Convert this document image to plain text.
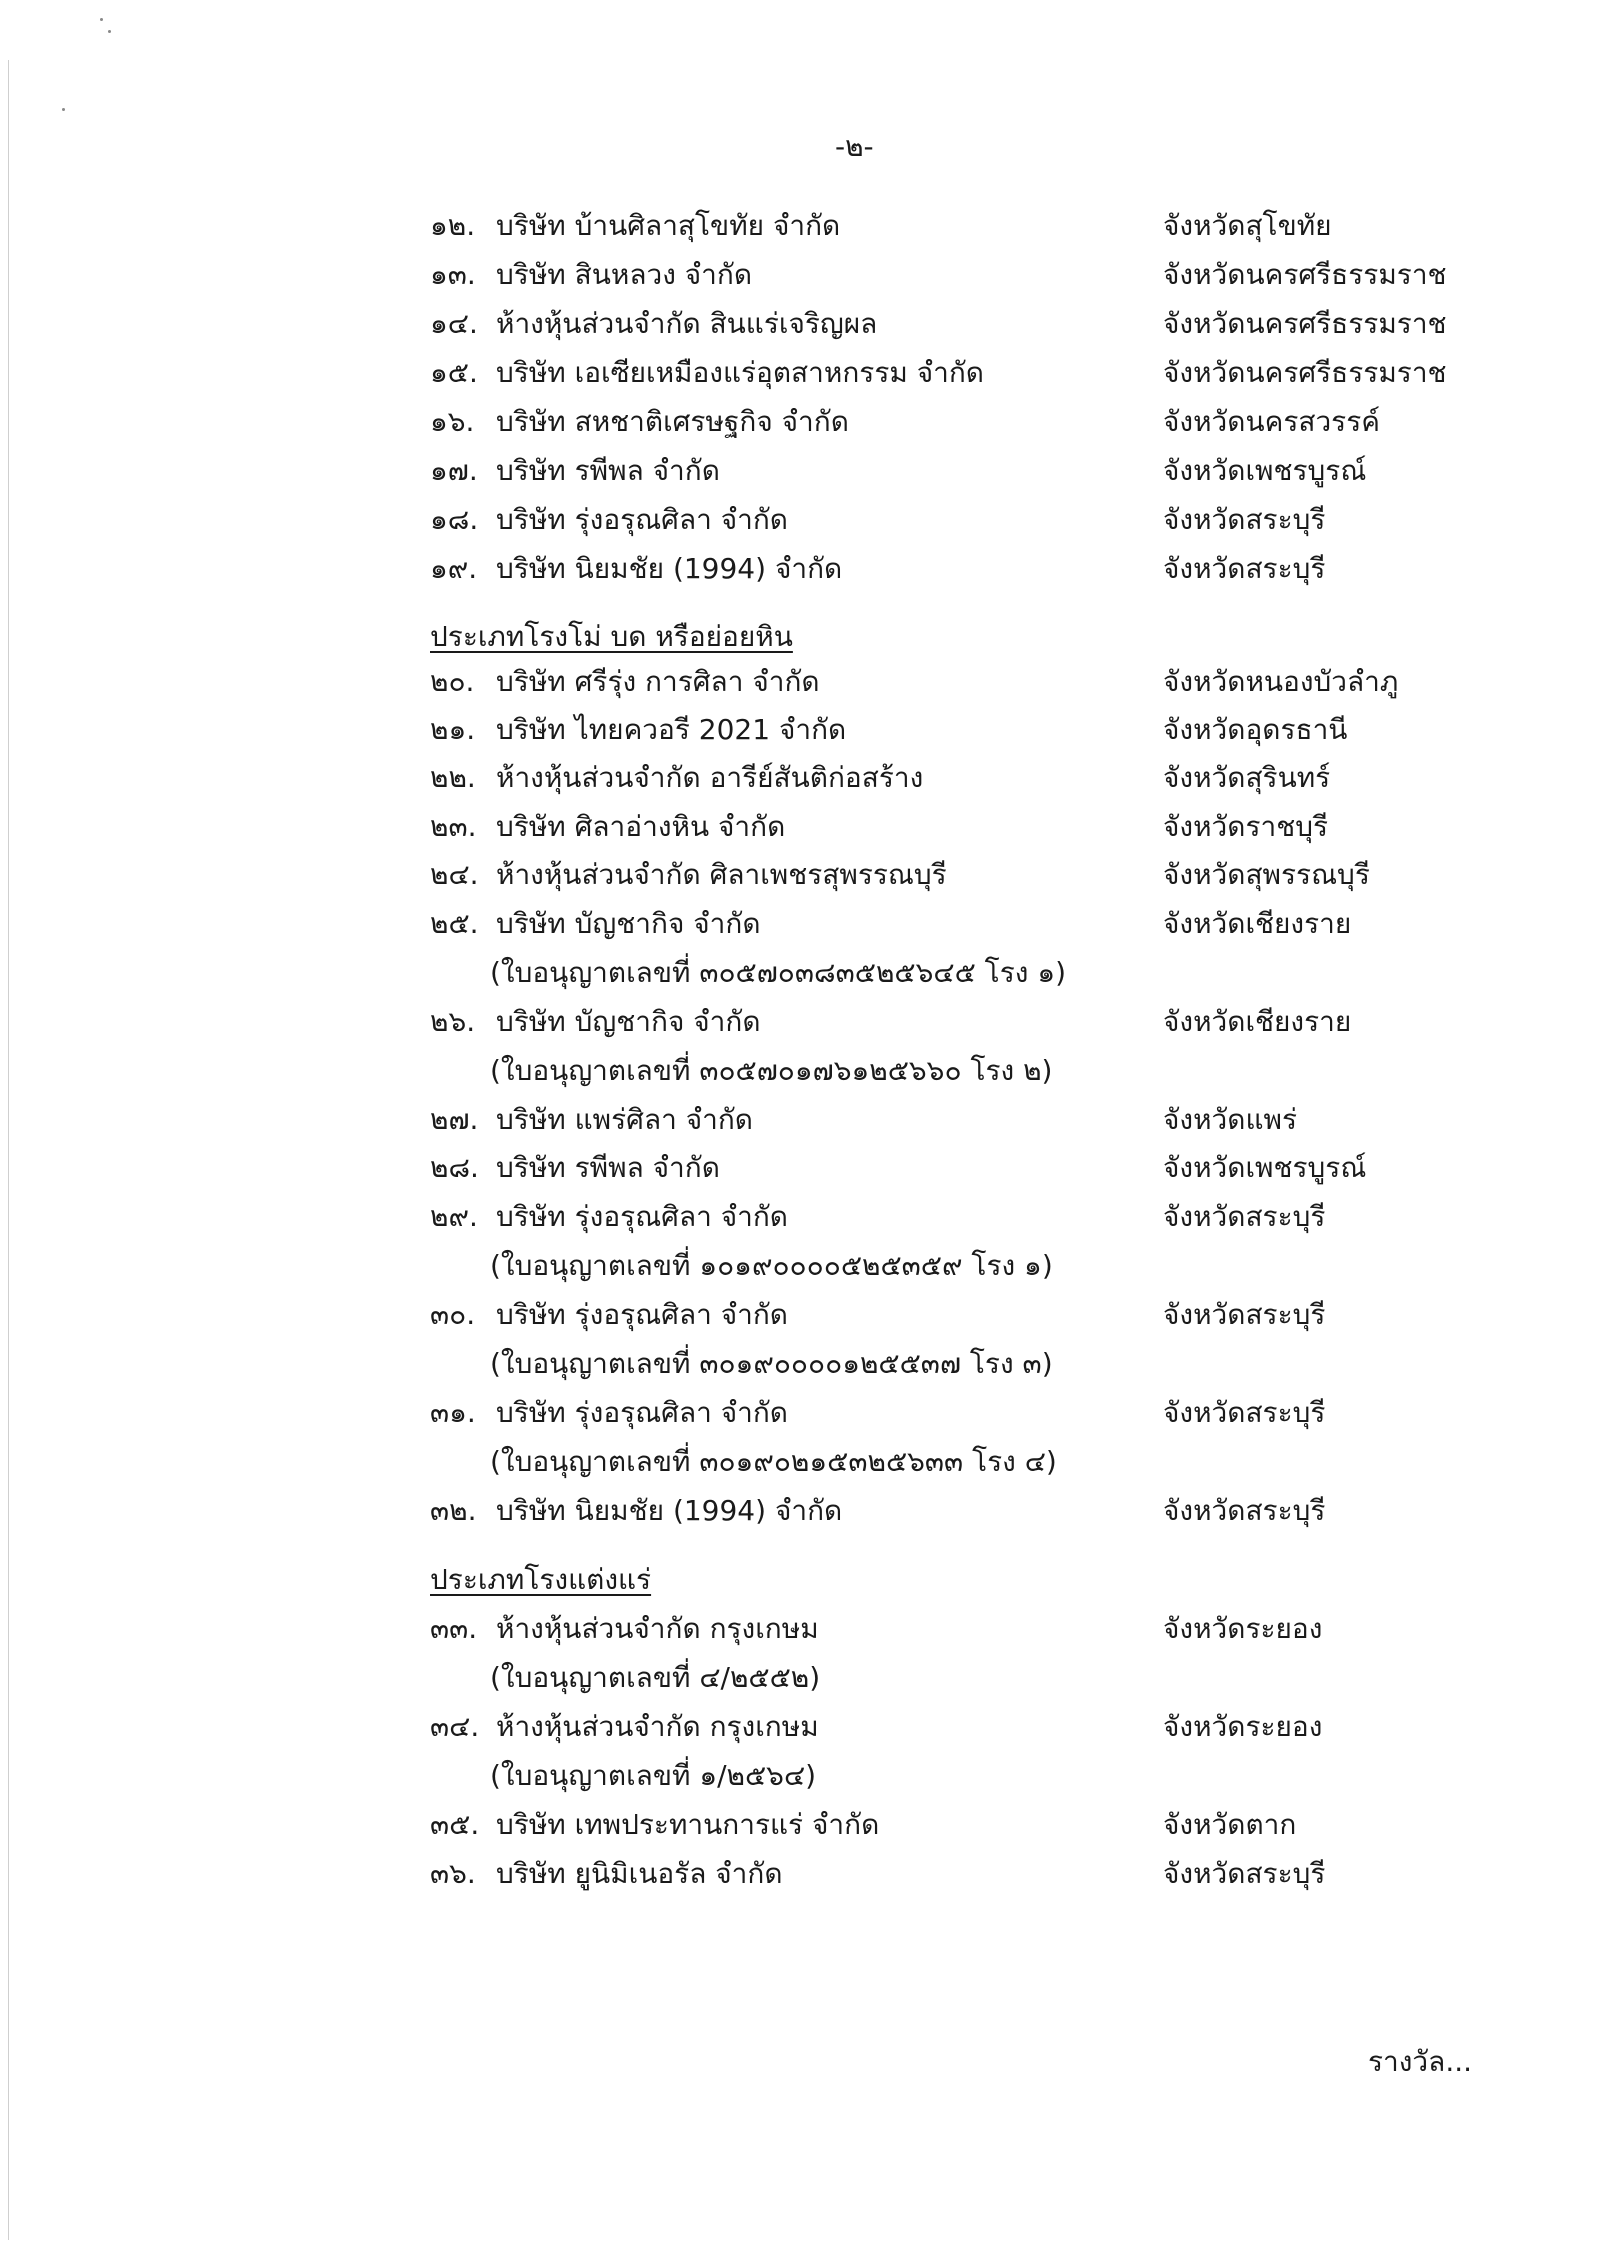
-๒-
๑๒. บริษัท บ้านศิลาสุโขทัย จำกัด	จังหวัดสุโขทัย
๑๓. บริษัท สินหลวง จำกัด	จังหวัดนครศรีธรรมราช
๑๔. ห้างหุ้นส่วนจำกัด สินแร่เจริญผล	จังหวัดนครศรีธรรมราช
๑๕. บริษัท เอเซียเหมืองแร่อุตสาหกรรม จำกัด	จังหวัดนครศรีธรรมราช
๑๖. บริษัท สหชาติเศรษฐกิจ จำกัด	จังหวัดนครสวรรค์
๑๗. บริษัท รพีพล จำกัด	จังหวัดเพชรบูรณ์
๑๘. บริษัท รุ่งอรุณศิลา จำกัด	จังหวัดสระบุรี
๑๙. บริษัท นิยมชัย (1994) จำกัด	จังหวัดสระบุรี
ประเภทโรงโม่ บด หรือย่อยหิน
๒๐. บริษัท ศรีรุ่ง การศิลา จำกัด	จังหวัดหนองบัวลำภู
๒๑. บริษัท ไทยควอรี 2021 จำกัด	จังหวัดอุดรธานี
๒๒. ห้างหุ้นส่วนจำกัด อารีย์สันติก่อสร้าง	จังหวัดสุรินทร์
๒๓. บริษัท ศิลาอ่างหิน จำกัด	จังหวัดราชบุรี
๒๔. ห้างหุ้นส่วนจำกัด ศิลาเพชรสุพรรณบุรี	จังหวัดสุพรรณบุรี
๒๕. บริษัท บัญชากิจ จำกัด	จังหวัดเชียงราย
(ใบอนุญาตเลขที่ ๓๐๕๗๐๓๘๓๕๒๕๖๔๕ โรง ๑)
๒๖. บริษัท บัญชากิจ จำกัด	จังหวัดเชียงราย
(ใบอนุญาตเลขที่ ๓๐๕๗๐๑๗๖๑๒๕๖๖๐ โรง ๒)
๒๗. บริษัท แพร่ศิลา จำกัด	จังหวัดแพร่
๒๘. บริษัท รพีพล จำกัด	จังหวัดเพชรบูรณ์
๒๙. บริษัท รุ่งอรุณศิลา จำกัด	จังหวัดสระบุรี
(ใบอนุญาตเลขที่ ๑๐๑๙๐๐๐๐๕๒๕๓๕๙ โรง ๑)
๓๐. บริษัท รุ่งอรุณศิลา จำกัด	จังหวัดสระบุรี
(ใบอนุญาตเลขที่ ๓๐๑๙๐๐๐๐๑๒๕๕๓๗ โรง ๓)
๓๑. บริษัท รุ่งอรุณศิลา จำกัด	จังหวัดสระบุรี
(ใบอนุญาตเลขที่ ๓๐๑๙๐๒๑๕๓๒๕๖๓๓ โรง ๔)
๓๒. บริษัท นิยมชัย (1994) จำกัด	จังหวัดสระบุรี
ประเภทโรงแต่งแร่
๓๓. ห้างหุ้นส่วนจำกัด กรุงเกษม	จังหวัดระยอง
(ใบอนุญาตเลขที่ ๔/๒๕๕๒)
๓๔. ห้างหุ้นส่วนจำกัด กรุงเกษม	จังหวัดระยอง
(ใบอนุญาตเลขที่ ๑/๒๕๖๔)
๓๕. บริษัท เทพประทานการแร่ จำกัด	จังหวัดตาก
๓๖. บริษัท ยูนิมิเนอรัล จำกัด	จังหวัดสระบุรี
รางวัล...
